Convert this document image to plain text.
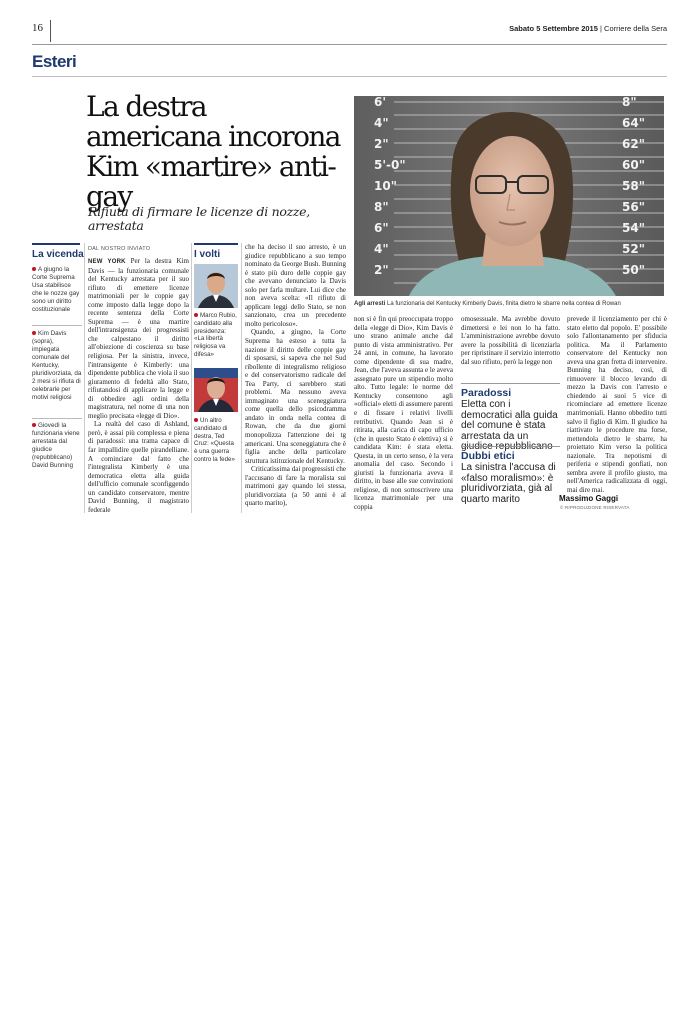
16	Sabato 5 Settembre 2015 | Corriere della Sera
Esteri
La destra americana incorona Kim «martire» anti-gay
Rifiuta di firmare le licenze di nozze, arrestata
6'
4"
2"
5'-0"
10"
8"
6"
4"
2"
8"
64"
62"
60"
58"
56"
54"
52"
50"
Agli arresti La funzionaria del Kentucky Kimberly Davis, finita dietro le sbarre nella contea di Rowan
La vicenda
A giugno la Corte Suprema Usa stabilisce che le nozze gay sono un diritto costituzionale
Kim Davis (sopra), impiegata comunale del Kentucky, pluridivorziata, da 2 mesi si rifiuta di celebrarle per motivi religiosi
Giovedì la funzionaria viene arrestata dal giudice (repubblicano) David Bunning
DAL NOSTRO INVIATO

NEW YORK Per la destra Kim Davis — la funzionaria comunale del Kentucky arrestata per il suo rifiuto di emettere licenze matrimoniali per le coppie gay come imposto dalla legge dopo la recente sentenza della Corte Suprema — è una martire dell'intransigenza dei progressisti che calpestano il diritto all'obiezione di coscienza su base religiosa. Per la sinistra, invece, l'intransigente è Kimberly: una dipendente pubblica che viola il suo giuramento di fedeltà allo Stato, rifiutandosi di applicare la legge e di obbedire agli ordini della magistratura, nel nome di una non meglio precisata «legge di Dio».

La realtà del caso di Ashland, però, è assai più complessa e piena di paradossi: una trama capace di far impallidire quelle pirandelliane. A cominciare dal fatto che l'integralista Kimberly è una democratica eletta alla guida dell'ufficio comunale sconfiggendo un candidato conservatore, mentre David Bunning, il magistrato federale

I volti
Marco Rubio, candidato alla presidenza: «La libertà religiosa va difesa»
Un altro candidato di destra, Ted Cruz: «Questa è una guerra contro la fede»

che ha deciso il suo arresto, è un giudice repubblicano a suo tempo nominato da George Bush. Bunning è stato più duro delle coppie gay che avevano denunciato la Davis solo per farla multare. Lui dice che non aveva scelta: «Il rifiuto di applicare leggi dello Stato, se non sanzionato, crea un precedente molto pericoloso».

Quando, a giugno, la Corte Suprema ha esteso a tutta la nazione il diritto delle coppie gay di sposarsi, si sapeva che nel Sud ribollente di integralismo religioso e del conservatorismo radicale del Tea Party, ci sarebbero stati problemi. Ma nessuno aveva immaginato una sceneggiatura come quella dello psicodramma andato in onda nella contea di Rowan, che da due giorni monopolizza l'attenzione dei tg americani. Una sceneggiatura che è figlia anche della particolare struttura istituzionale del Kentucky.

Criticatissima dai progressisti che l'accusano di fare la moralista sui matrimoni gay quando lei stessa, pluridivorziata (a 50 anni è al quarto marito),

non si è fin qui preoccupata troppo della «legge di Dio», Kim Davis è uno strano animale anche dal punto di vista amministrativo. Per 24 anni, in comune, ha lavorato come dipendente di sua madre, Jean, che l'aveva assunta e le aveva assegnato pure un stipendio molto alto. Tutto legale: le norme del Kentucky consentono agli «official» eletti di assumere parenti e di fissare i relativi livelli retributivi. Quando Jean si è ritirata, alla carica di capo ufficio (che in questo Stato è elettiva) si è candidata Kim: è stata eletta. Questa, in un certo senso, è la vera anomalia del caso. Secondo i giuristi la funzionaria aveva il diritto, in base alle sue convinzioni religiose, di non sottoscrivere una licenza matrimoniale per una coppia

omosessuale. Ma avrebbe dovuto dimettersi e lei non lo ha fatto. L'amministrazione avrebbe dovuto avere la possibilità di licenziarla per ripristinare il servizio interrotto dal suo rifiuto, però la legge non

Paradossi
Eletta con i democratici alla guida del comune è stata arrestata da un
Dubbi etici
La sinistra l'accusa di «falso moralismo»: è pluridivorziata, già al quarto marito

prevede il licenziamento per chi è stato eletto dal popolo. E' possibile solo l'allontanamento per sfiducia politica. Ma il Parlamento conservatore del Kentucky non aveva una gran fretta di intervenire. Bunning ha deciso, così, di rimuovere il blocco levando di mezzo la Davis con l'arresto e chiedendo ai suoi 5 vice di ricominciare ad emettere licenze matrimoniali. Hanno obbedito tutti salvo il figlio di Kim. Il giudice ha riattivato le procedure ma forse, mettendola dietro le sbarre, ha proiettato Kim verso la politica nazionale. Tra nepotismi di periferia e stipendi gonfiati, non sembra avere il profilo giusto, ma nell'America radicalizzata di oggi, mai dire mai.

Massimo Gaggi
© RIPRODUZIONE RISERVATA
